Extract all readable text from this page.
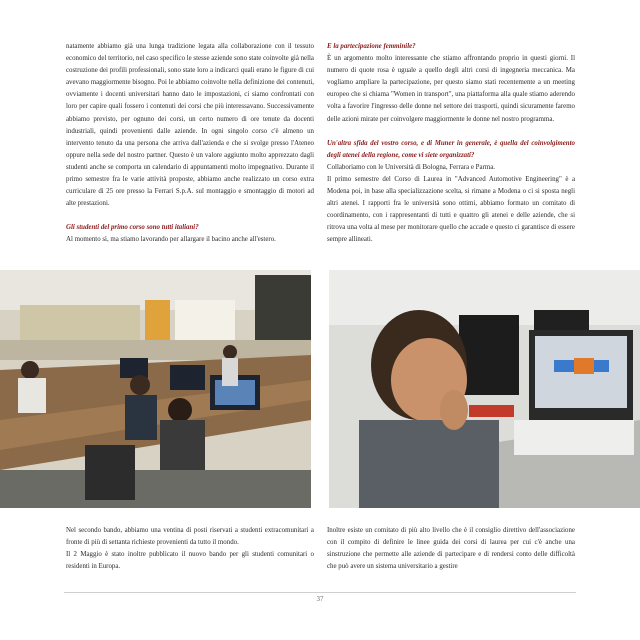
natamente abbiamo già una lunga tradizione legata alla collaborazione con il tessuto economico del territorio, nel caso specifico le stesse aziende sono state coinvolte già nella costruzione dei profili professionali, sono state loro a indicarci quali erano le figure di cui avevano maggiormente bisogno. Poi le abbiamo coinvolte nella definizione dei contenuti, ovviamente i docenti universitari hanno dato le impostazioni, ci siamo confrontati con loro per capire quali fossero i contenuti dei corsi che più interessavano. Successivamente abbiamo previsto, per ognuno dei corsi, un certo numero di ore tenute da docenti industriali, quindi provenienti dalle aziende. In ogni singolo corso c'è almeno un intervento tenuto da una persona che arriva dall'azienda e che si svolge presso l'Ateneo oppure nella sede del nostro partner. Questo è un valore aggiunto molto apprezzato dagli studenti anche se comporta un calendario di appuntamenti molto impegnativo. Durante il primo semestre fra le varie attività proposte, abbiamo anche realizzato un corso extra curriculare di 25 ore presso la Ferrari S.p.A. sul montaggio e smontaggio di motori ad alte prestazioni.

Gli studenti del primo corso sono tutti italiani?

Al momento sì, ma stiamo lavorando per allargare il bacino anche all'estero.

E la partecipazione femminile?

È un argomento molto interessante che stiamo affrontando proprio in questi giorni. Il numero di quote rosa è uguale a quello degli altri corsi di ingegneria meccanica. Ma vogliamo ampliare la partecipazione, per questo siamo stati recentemente a un meeting europeo che si chiama "Women in transport", una piattaforma alla quale stiamo aderendo volta a favorire l'ingresso delle donne nel settore dei trasporti, quindi sicuramente faremo delle azioni mirate per coinvolgere maggiormente le donne nel nostro programma.

Un'altra sfida del vostro corso, e di Muner in generale, è quella del coinvolgimento degli atenei della regione, come vi siete organizzati?

Collaboriamo con le Università di Bologna, Ferrara e Parma.

Il primo semestre del Corso di Laurea in "Advanced Automotive Engineering" è a Modena poi, in base alla specializzazione scelta, si rimane a Modena o ci si sposta negli altri atenei. I rapporti fra le università sono ottimi, abbiamo formato un comitato di coordinamento, con i rappresentanti di tutti e quattro gli atenei e delle aziende, che si ritrova una volta al mese per monitorare quello che accade e questo ci garantisce di essere sempre allineati.

Nel secondo bando, abbiamo una ventina di posti riservati a studenti extracomunitari a fronte di più di settanta richieste provenienti da tutto il mondo.

Il 2 Maggio è stato inoltre pubblicato il nuovo bando per gli studenti comunitari o residenti in Europa.

Inoltre esiste un comitato di più alto livello che è il consiglio direttivo dell'associazione con il compito di definire le linee guida dei corsi di laurea per cui c'è anche una sinstruzione che permette alle aziende di partecipare e di rendersi conto delle difficoltà che può avere un sistema universitario a gestire

37
